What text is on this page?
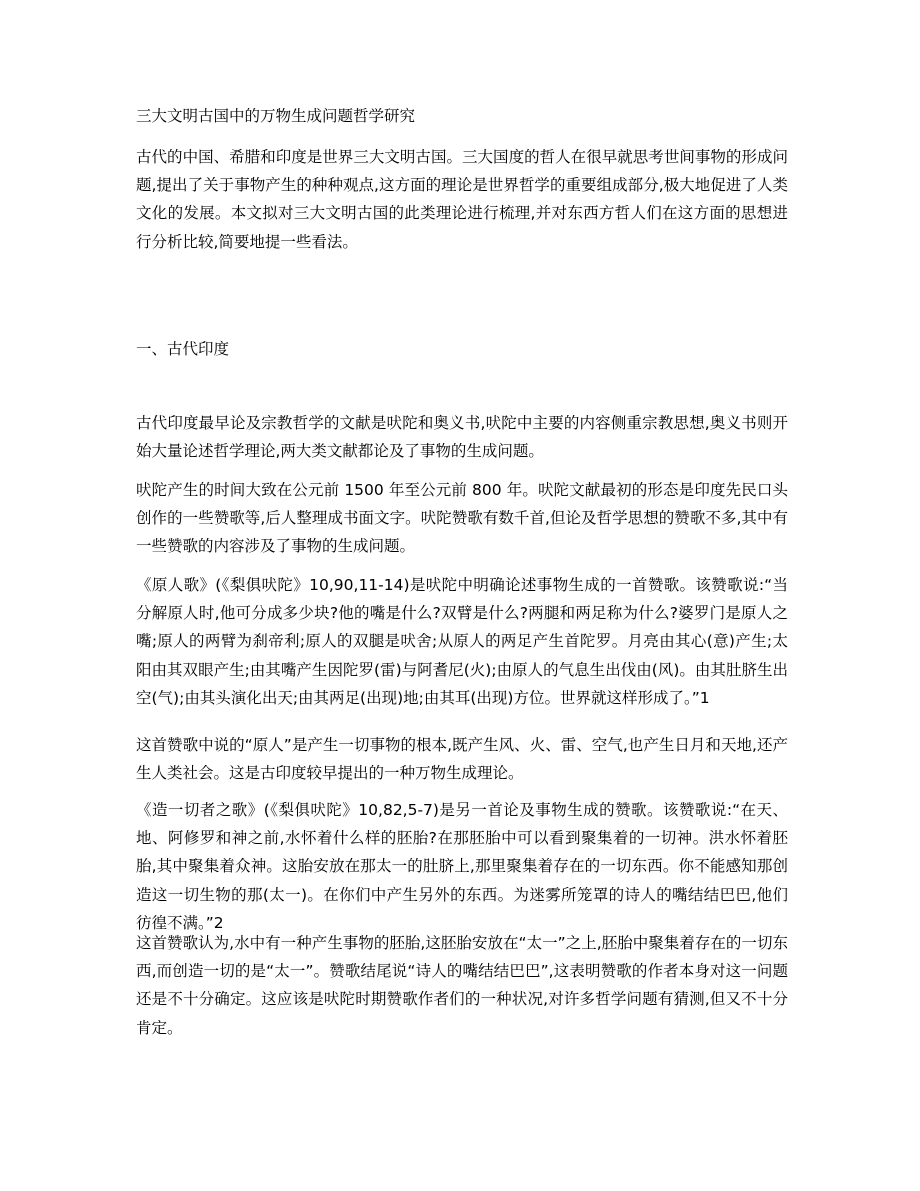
三大文明古国中的万物生成问题哲学研究

古代的中国、希腊和印度是世界三大文明古国。三大国度的哲人在很早就思考世间事物的形成问题,提出了关于事物产生的种种观点,这方面的理论是世界哲学的重要组成部分,极大地促进了人类文化的发展。本文拟对三大文明古国的此类理论进行梳理,并对东西方哲人们在这方面的思想进行分析比较,简要地提一些看法。

一、古代印度

古代印度最早论及宗教哲学的文献是吠陀和奥义书,吠陀中主要的内容侧重宗教思想,奥义书则开始大量论述哲学理论,两大类文献都论及了事物的生成问题。

吠陀产生的时间大致在公元前 1500 年至公元前 800 年。吠陀文献最初的形态是印度先民口头创作的一些赞歌等,后人整理成书面文字。吠陀赞歌有数千首,但论及哲学思想的赞歌不多,其中有一些赞歌的内容涉及了事物的生成问题。

《原人歌》(《梨俱吠陀》10,90,11-14)是吠陀中明确论述事物生成的一首赞歌。该赞歌说:“当分解原人时,他可分成多少块?他的嘴是什么?双臂是什么?两腿和两足称为什么?婆罗门是原人之嘴;原人的两臂为刹帝利;原人的双腿是吠舍;从原人的两足产生首陀罗。月亮由其心(意)产生;太阳由其双眼产生;由其嘴产生因陀罗(雷)与阿耆尼(火);由原人的气息生出伐由(风)。由其肚脐生出空(气);由其头演化出天;由其两足(出现)地;由其耳(出现)方位。世界就这样形成了。”1

这首赞歌中说的“原人”是产生一切事物的根本,既产生风、火、雷、空气,也产生日月和天地,还产生人类社会。这是古印度较早提出的一种万物生成理论。

《造一切者之歌》(《梨俱吠陀》10,82,5-7)是另一首论及事物生成的赞歌。该赞歌说:“在天、地、阿修罗和神之前,水怀着什么样的胚胎?在那胚胎中可以看到聚集着的一切神。洪水怀着胚胎,其中聚集着众神。这胎安放在那太一的肚脐上,那里聚集着存在的一切东西。你不能感知那创造这一切生物的那(太一)。在你们中产生另外的东西。为迷雾所笼罩的诗人的嘴结结巴巴,他们彷徨不满。”2

这首赞歌认为,水中有一种产生事物的胚胎,这胚胎安放在“太一”之上,胚胎中聚集着存在的一切东西,而创造一切的是“太一”。赞歌结尾说“诗人的嘴结结巴巴”,这表明赞歌的作者本身对这一问题还是不十分确定。这应该是吠陀时期赞歌作者们的一种状况,对许多哲学问题有猜测,但又不十分肯定。
